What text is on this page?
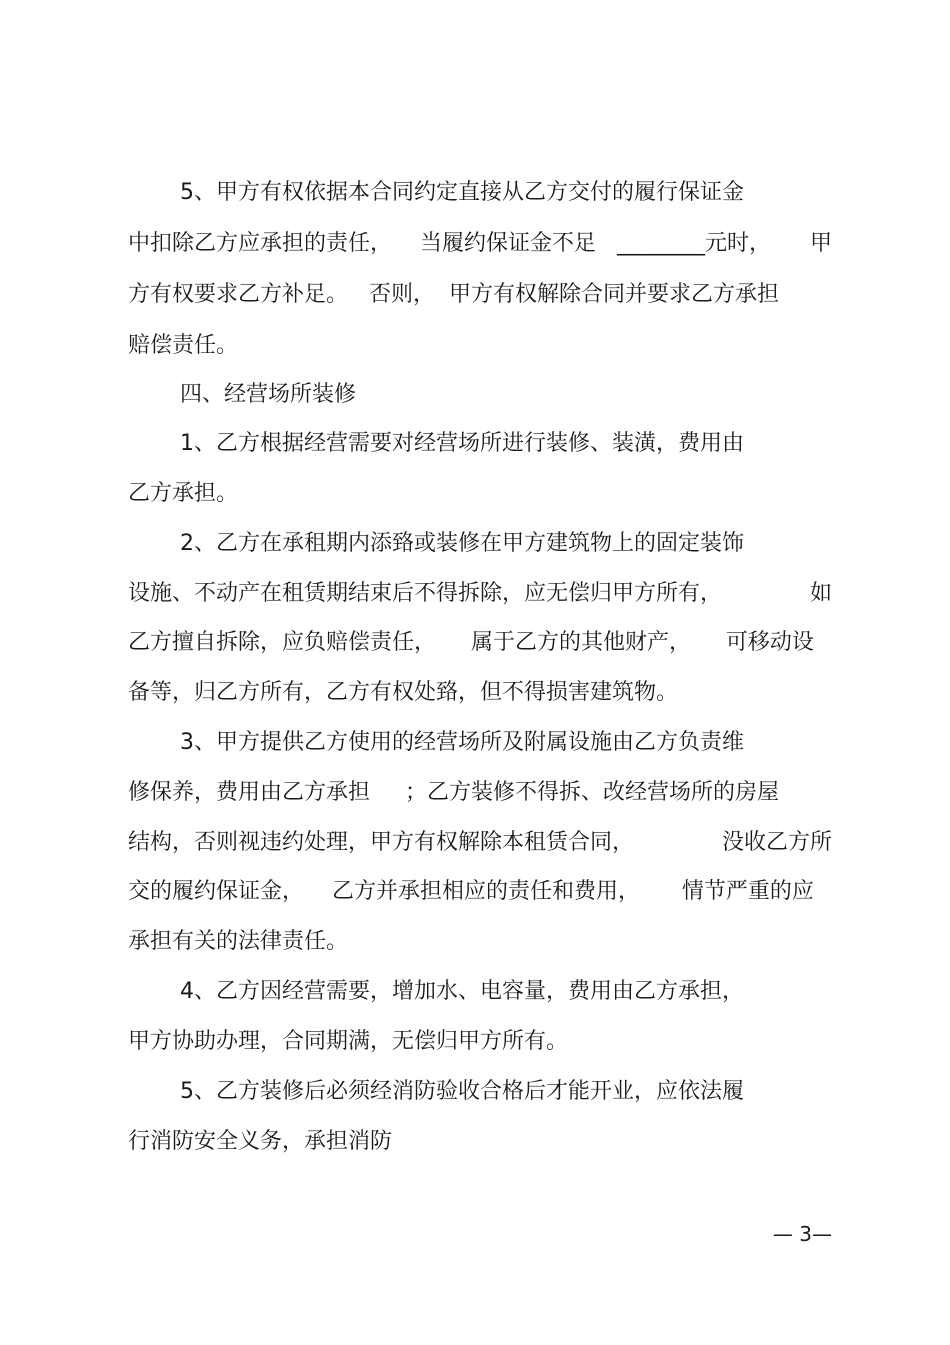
5、甲方有权依据本合同约定直接从乙方交付的履行保证金
中扣除乙方应承担的责任，    当履约保证金不足   ________元时， 甲
方有权要求乙方补足。   否则，  甲方有权解除合同并要求乙方承担
赔偿责任。
四、经营场所装修
1、乙方根据经营需要对经营场所进行装修、装潢，费用由
乙方承担。
2、乙方在承租期内添臵或装修在甲方建筑物上的固定装饰
设施、不动产在租赁期结束后不得拆除，应无偿归甲方所有，	如
乙方擅自拆除，应负赔偿责任，     属于乙方的其他财产，     可移动设
备等，归乙方所有，乙方有权处臵，但不得损害建筑物。
3、甲方提供乙方使用的经营场所及附属设施由乙方负责维
修保养，费用由乙方承担     ；乙方装修不得拆、改经营场所的房屋
结构，否则视违约处理，甲方有权解除本租赁合同，	没收乙方所
交的履约保证金，    乙方并承担相应的责任和费用，      情节严重的应
承担有关的法律责任。
4、乙方因经营需要，增加水、电容量，费用由乙方承担，
甲方协助办理，合同期满，无偿归甲方所有。
5、乙方装修后必须经消防验收合格后才能开业，应依法履
行消防安全义务，承担消防
— 3—
